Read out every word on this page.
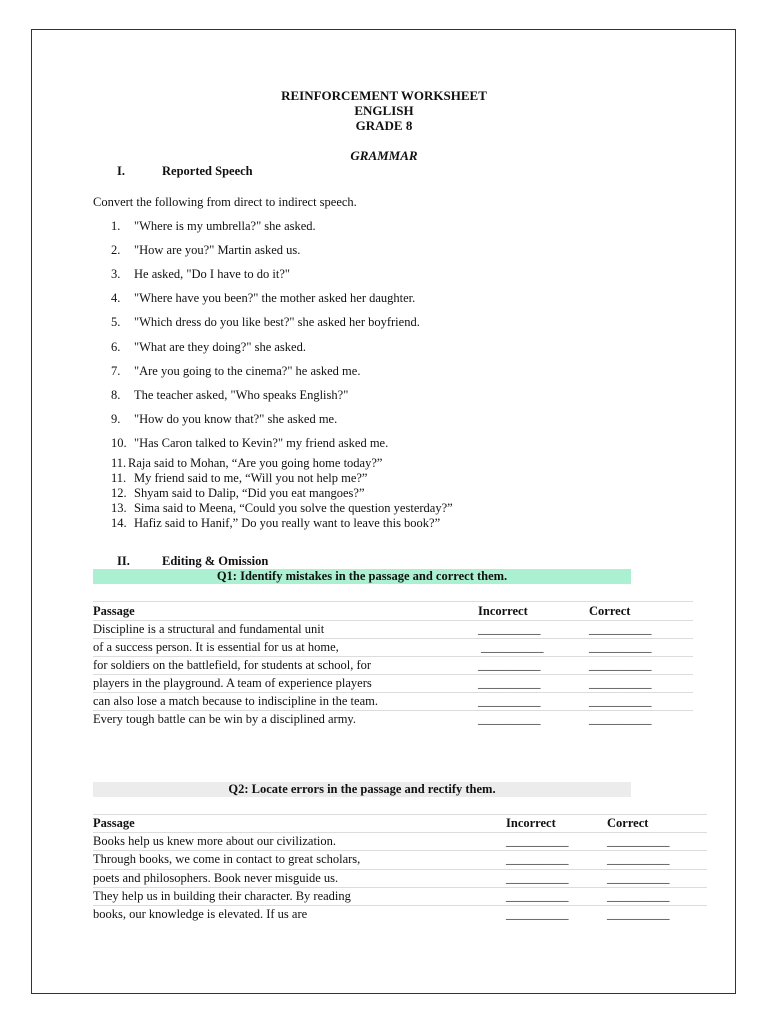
REINFORCEMENT WORKSHEET
ENGLISH
GRADE 8
GRAMMAR
I.	Reported Speech
Convert the following from direct to indirect speech.
1. "Where is my umbrella?" she asked.
2. "How are you?" Martin asked us.
3. He asked, "Do I have to do it?"
4. "Where have you been?" the mother asked her daughter.
5. "Which dress do you like best?" she asked her boyfriend.
6. "What are they doing?" she asked.
7. "Are you going to the cinema?" he asked me.
8. The teacher asked, "Who speaks English?"
9. "How do you know that?" she asked me.
10. "Has Caron talked to Kevin?" my friend asked me.
11. Raja said to Mohan, “Are you going home today?”
11. My friend said to me, “Will you not help me?”
12. Shyam said to Dalip, “Did you eat mangoes?”
13. Sima said to Meena, “Could you solve the question yesterday?”
14. Hafiz said to Hanif,” Do you really want to leave this book?”
II.	Editing & Omission
Q1: Identify mistakes in the passage and correct them.
Passage	Incorrect	Correct
Discipline is a structural and fundamental unit	__________	__________
of a success person. It is essential for us at home,	__________	__________
for soldiers on the battlefield, for students at school, for	__________	__________
players in the playground. A team of experience players	__________	__________
can also lose a match because to indiscipline in the team.	__________	__________
Every tough battle can be win by a disciplined army.	__________	__________
Q2: Locate errors in the passage and rectify them.
Passage	Incorrect	Correct
Books help us knew more about our civilization.	__________	__________
Through books, we come in contact to great scholars,	__________	__________
poets and philosophers. Book never misguide us.	__________	__________
They help us in building their character. By reading	__________	__________
books, our knowledge is elevated. If us are	__________	__________
